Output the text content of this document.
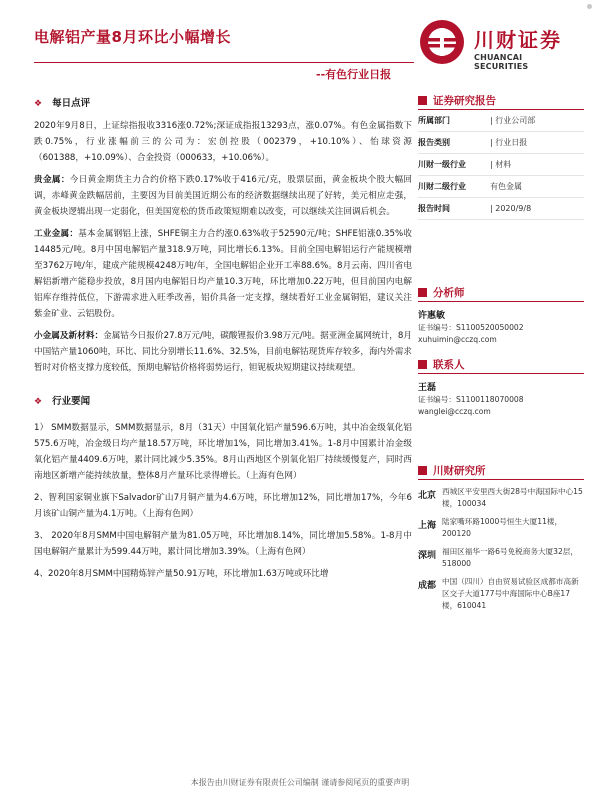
电解铝产量8月环比小幅增长
--有色行业日报
川财证券
CHUANCAI SECURITIES
❖ 每日点评
2020年9月8日，上证综指报收3316涨0.72%;深证成指报13293点，涨0.07%。有色金属指数下跌0.75%，行业涨幅前三的公司为：宏创控股（002379，+10.10%）、怡球资源（601388，+10.09%）、合金投资（000633，+10.06%）。
贵金属：今日黄金期货主力合约价格下跌0.17%收于416元/克，股票层面，黄金板块个股大幅回调，赤峰黄金跌幅居前，主要因为目前美国近期公布的经济数据继续出现了好转，美元相应走强，黄金板块逻辑出现一定弱化，但美国宽松的货币政策短期难以改变，可以继续关注回调后机会。
工业金属：基本金属钢铝上涨，SHFE铜主力合约涨0.63%收于52590元/吨；SHFE铝涨0.35%收14485元/吨。8月中国电解铝产量318.9万吨，同比增长6.13%。目前全国电解铝运行产能规模增至3762万吨/年，建成产能规模4248万吨/年，全国电解铝企业开工率88.6%。8月云南、四川省电解铝新增产能稳步投放，8月国内电解铝日均产量10.3万吨，环比增加0.22万吨，但目前国内电解铝库存维持低位，下游需求进入旺季改善，铝价具备一定支撑，继续看好工业金属铜铝，建议关注紫金矿业、云铝股份。
小金属及新材料：金属钴今日报价27.8万元/吨，碳酸锂报价3.98万元/吨。据亚洲金属网统计，8月中国钴产量1060吨，环比、同比分别增长11.6%、32.5%，目前电解钴现货库存较多，海内外需求暂时对价格支撑力度较低，预期电解钴价格将弱势运行，钽铌板块短期建议持续观望。
❖ 行业要闻
1） SMM数据显示，SMM数据显示，8月（31天）中国氧化铝产量596.6万吨，其中冶金级氧化铝575.6万吨，冶金级日均产量18.57万吨，环比增加1%，同比增加3.41%。1-8月中国累计冶金级氧化铝产量4409.6万吨，累计同比减少5.35%。8月山西地区个别氧化铝厂持续缓慢复产，同时西南地区新增产能持续放量，整体8月产量环比录得增长。（上海有色网）
2、智利国家铜业旗下Salvador矿山7月铜产量为4.6万吨，环比增加12%，同比增加17%，今年6月该矿山铜产量为4.1万吨。（上海有色网）
3、 2020年8月SMM中国电解铜产量为81.05万吨，环比增加8.14%，同比增加5.58%。1-8月中国电解铜产量累计为599.44万吨，累计同比增加3.39%。（上海有色网）
4、2020年8月SMM中国精炼锌产量50.91万吨，环比增加1.63万吨或环比增
证券研究报告
所属部门	| 行业公司部
报告类别	| 行业日报
川财一级行业	| 材料
川财二级行业	有色金属
报告时间	| 2020/9/8
分析师
许惠敏
证书编号：S1100520050002
xuhuimin@cczq.com
联系人
王磊
证书编号：S1100118070008
wanglei@cczq.com
川财研究所
北京 西城区平安里西大街28号中海国际中心15楼，100034
上海 陆家嘴环路1000号恒生大厦11楼，200120
深圳 福田区福华一路6号免税商务大厦32层，518000
成都 中国（四川）自由贸易试验区成都市高新区交子大道177号中海国际中心B座17楼，610041
本报告由川财证券有限责任公司编制 谨请参阅尾页的重要声明
